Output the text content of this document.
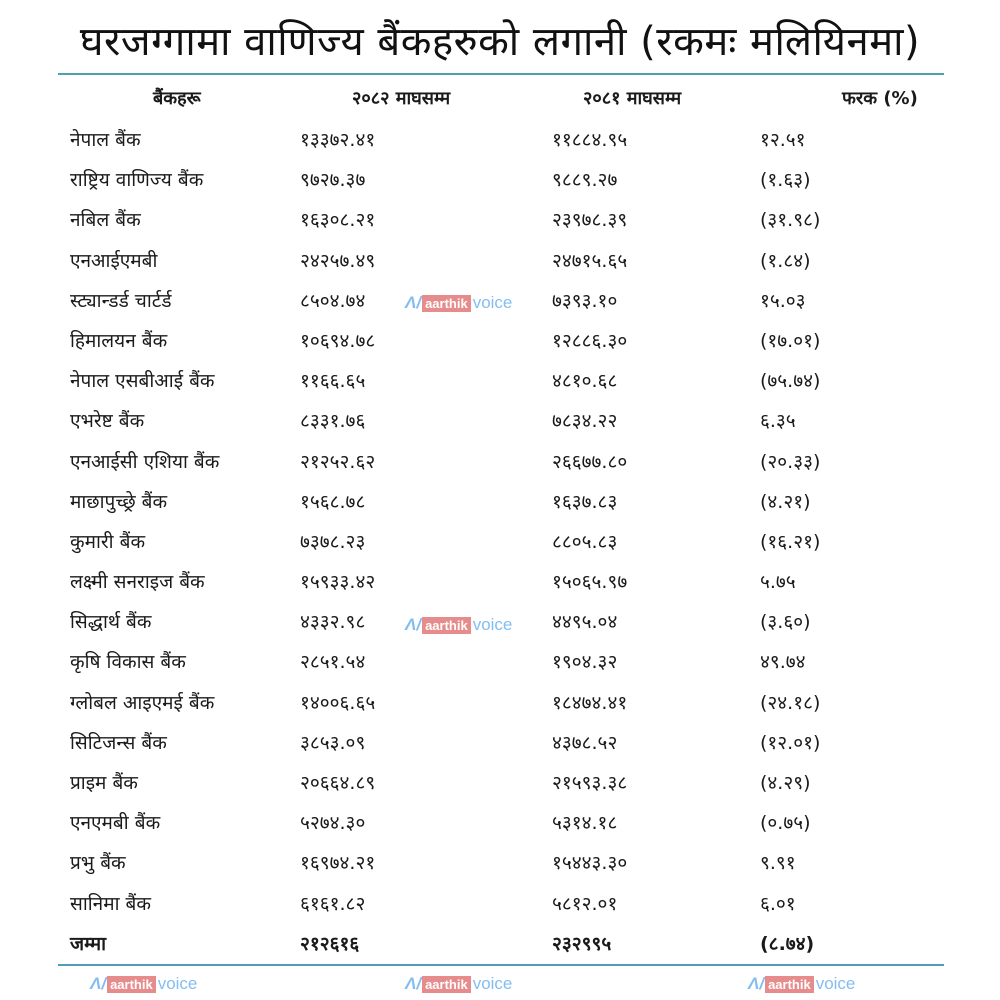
घरजग्गामा वाणिज्य बैंकहरुको लगानी (रकमः मलियिनमा)
बैंकहरू	२०८२ माघसम्म	२०८१ माघसम्म	फरक (%)
नेपाल बैंक	१३३७२.४१	११८८४.९५	१२.५१
राष्ट्रिय वाणिज्य बैंक	९७२७.३७	९८८९.२७	(१.६३)
नबिल बैंक	१६३०८.२१	२३९७८.३९	(३१.९८)
एनआईएमबी	२४२५७.४९	२४७१५.६५	(१.८४)
स्ट्यान्डर्ड चार्टर्ड	८५०४.७४	७३९३.१०	१५.०३
हिमालयन बैंक	१०६९४.७८	१२८८६.३०	(१७.०१)
नेपाल एसबीआई बैंक	११६६.६५	४८१०.६८	(७५.७४)
एभरेष्ट बैंक	८३३१.७६	७८३४.२२	६.३५
एनआईसी एशिया बैंक	२१२५२.६२	२६६७७.८०	(२०.३३)
माछापुच्छ्रे बैंक	१५६८.७८	१६३७.८३	(४.२१)
कुमारी बैंक	७३७८.२३	८८०५.८३	(१६.२१)
लक्ष्मी सनराइज बैंक	१५९३३.४२	१५०६५.९७	५.७५
सिद्धार्थ बैंक	४३३२.९८	४४९५.०४	(३.६०)
कृषि विकास बैंक	२८५१.५४	१९०४.३२	४९.७४
ग्लोबल आइएमई बैंक	१४००६.६५	१८४७४.४१	(२४.१८)
सिटिजन्स बैंक	३८५३.०९	४३७८.५२	(१२.०१)
प्राइम बैंक	२०६६४.८९	२१५९३.३८	(४.२९)
एनएमबी बैंक	५२७४.३०	५३१४.१८	(०.७५)
प्रभु बैंक	१६९७४.२१	१५४४३.३०	९.९१
सानिमा बैंक	६१६१.८२	५८१२.०१	६.०१
जम्मा	२१२६१६	२३२९९५	(८.७४)
Λ/ aarthik voice
Λ/ aarthik voice
Λ/ aarthik voice	Λ/ aarthik voice	Λ/ aarthik voice
